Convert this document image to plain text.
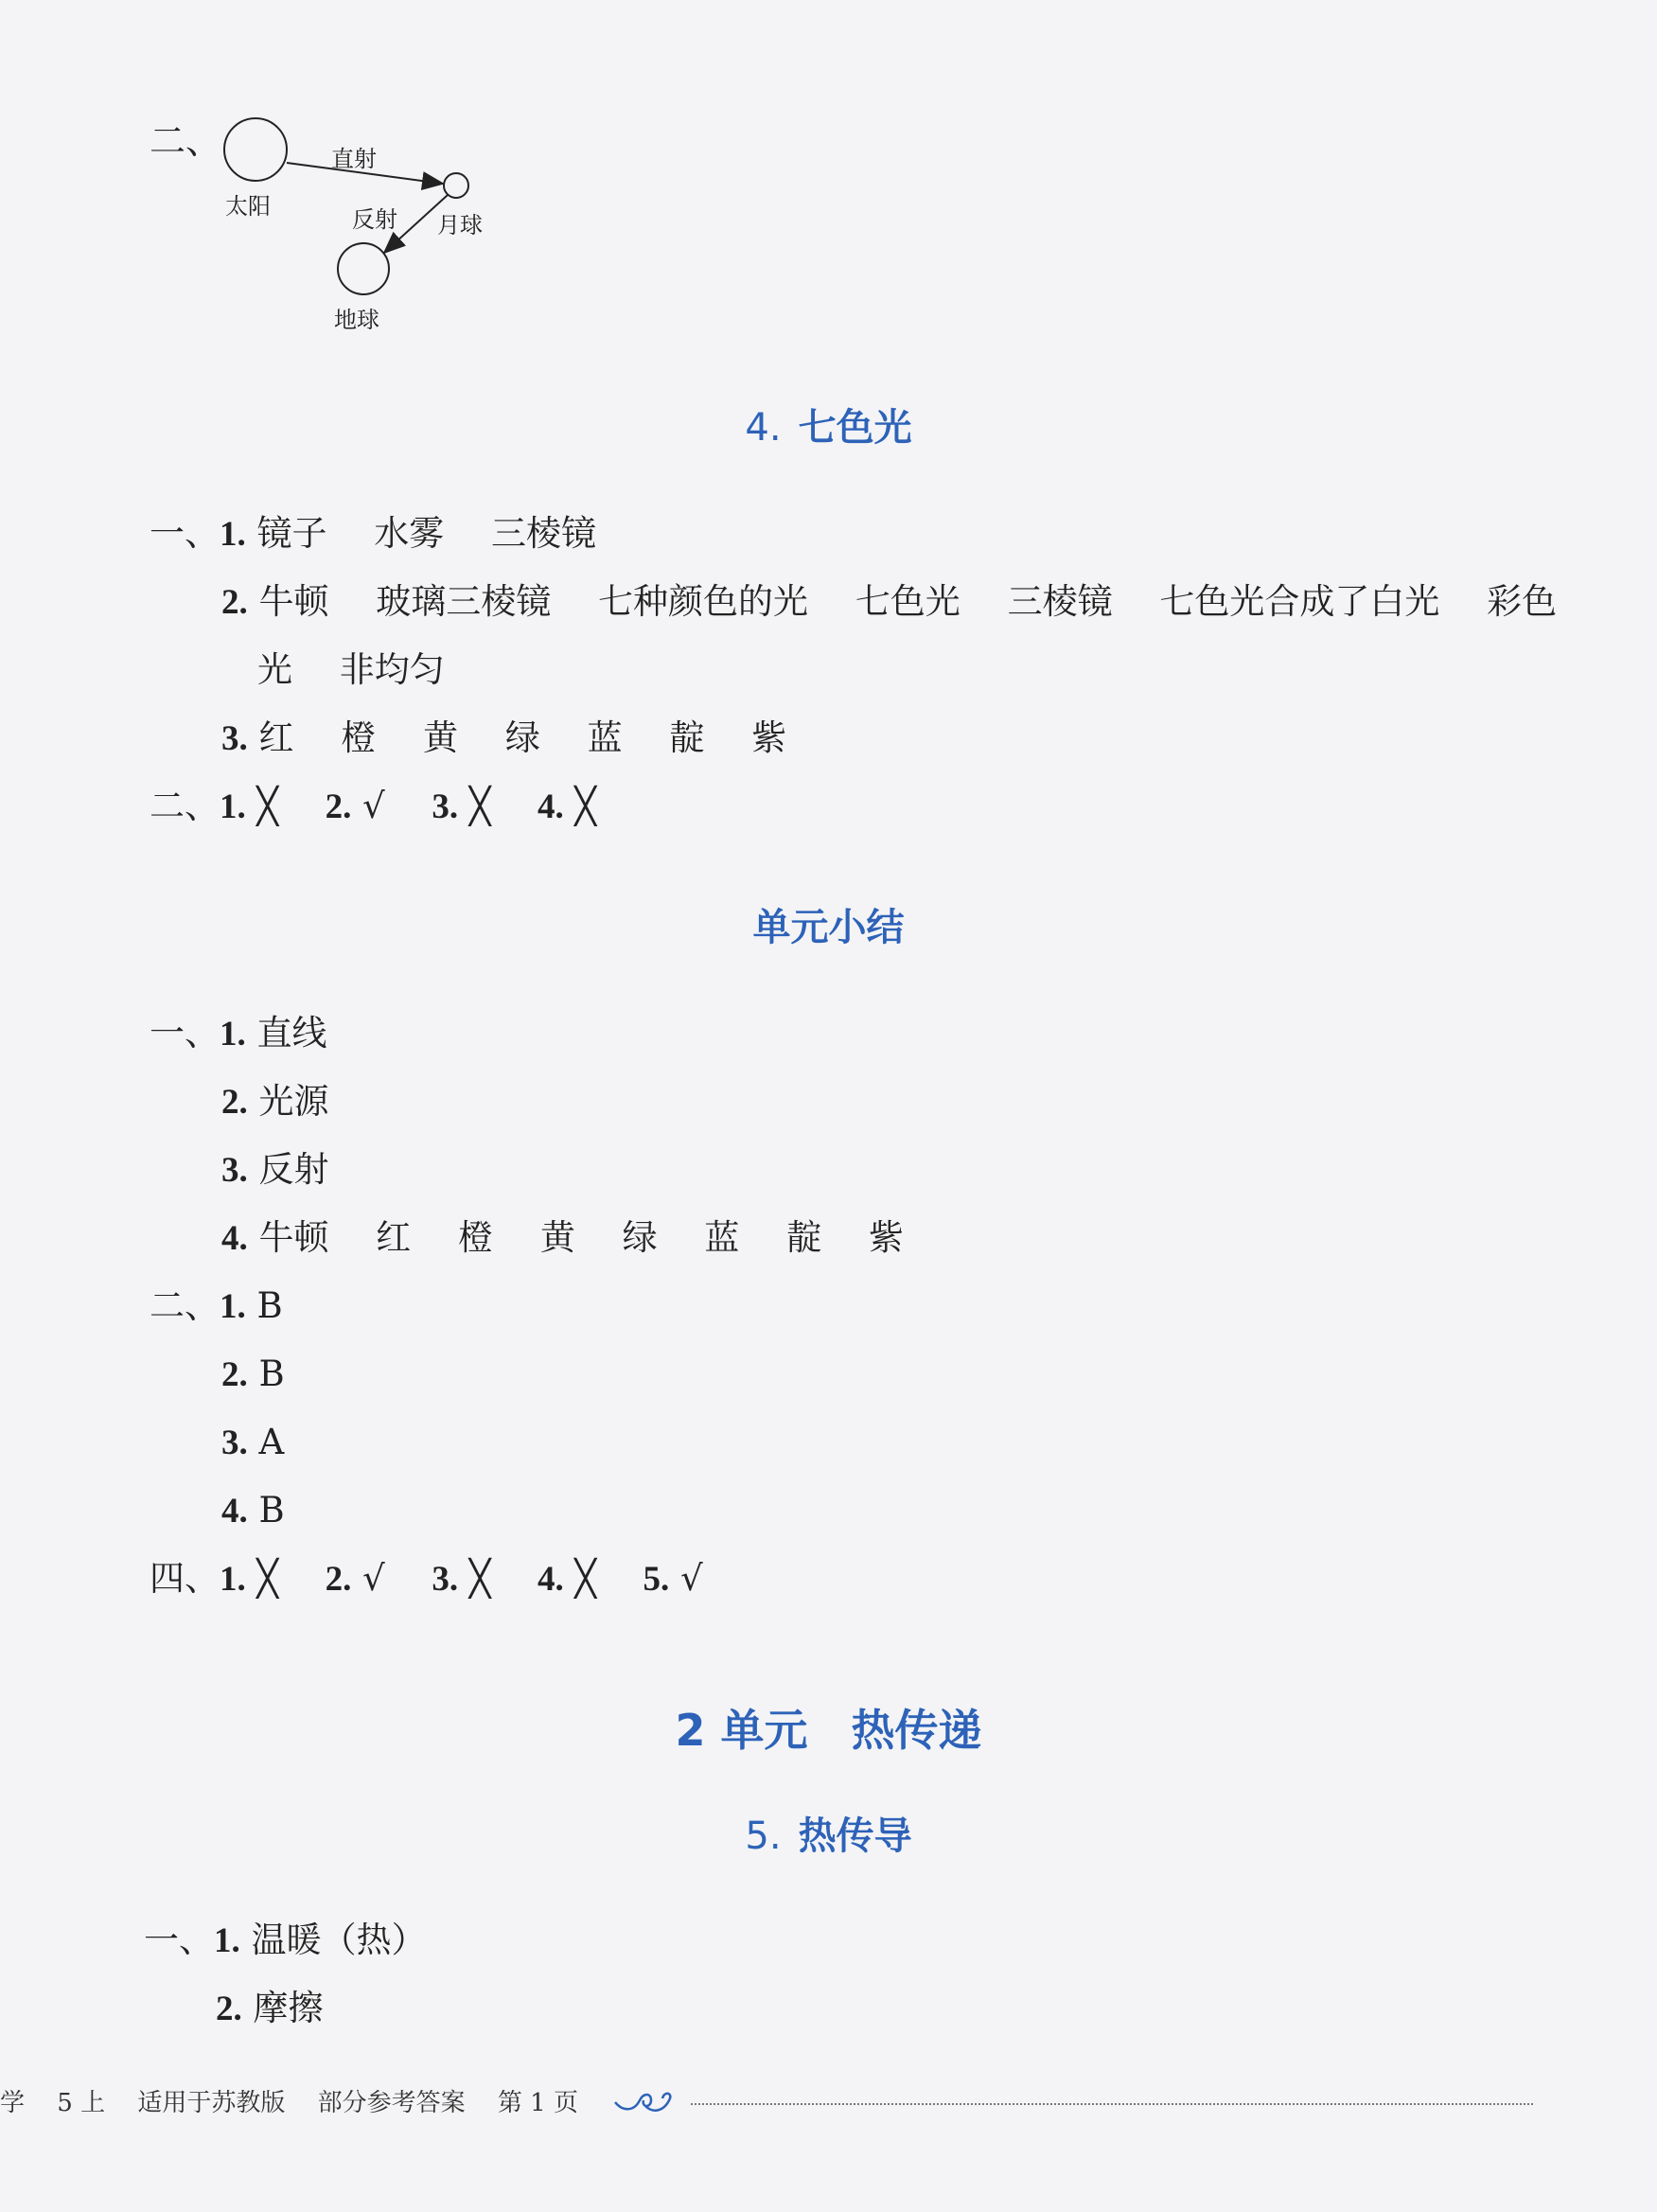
二、
太阳
直射
反射 月球
地球
4. 七色光
一、1. 镜子 水雾 三棱镜
2. 牛顿 玻璃三棱镜 七种颜色的光 七色光 三棱镜 七色光合成了白光 彩色
光 非均匀
3. 红 橙 黄 绿 蓝 靛 紫
二、1. ╳ 2. √ 3. ╳ 4. ╳
单元小结
一、1. 直线
2. 光源
3. 反射
4. 牛顿 红 橙 黄 绿 蓝 靛 紫
二、1. B
2. B
3. A
4. B
四、1. ╳ 2. √ 3. ╳ 4. ╳ 5. √
2 单元　热传递
5. 热传导
一、1. 温暖（热）
2. 摩擦
学 5 上 适用于苏教版 部分参考答案 第 1 页
